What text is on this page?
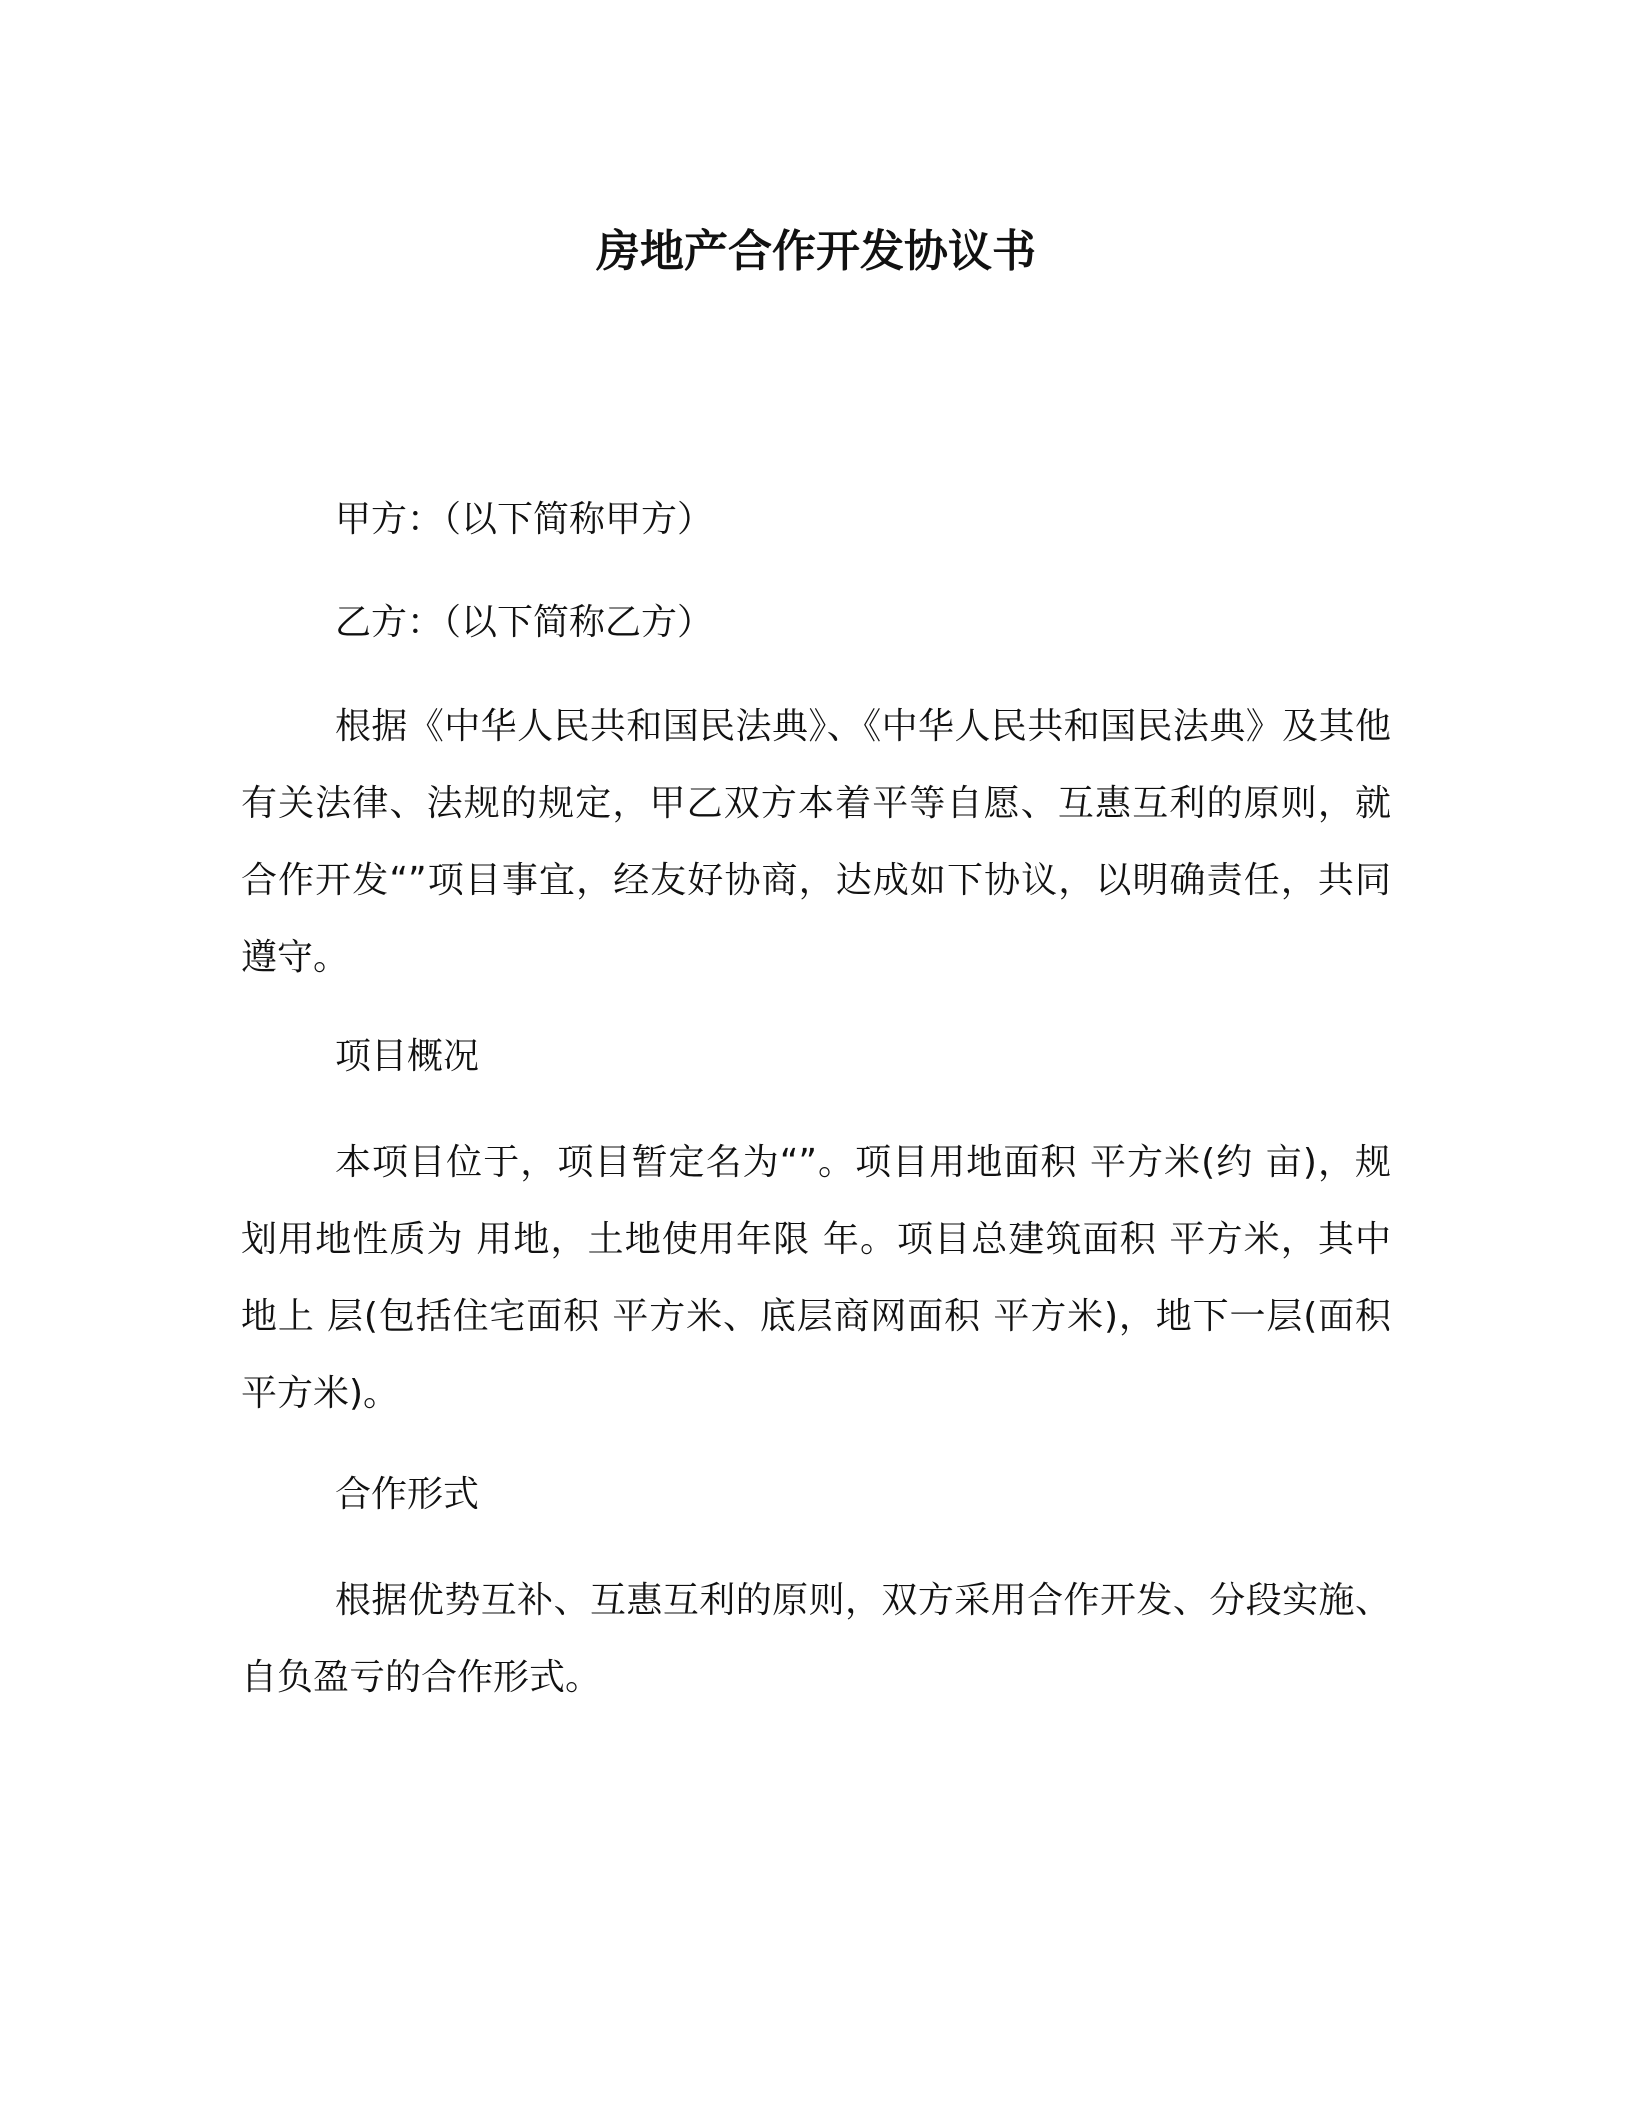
房地产合作开发协议书

甲方：（以下简称甲方）

乙方：（以下简称乙方）

根据《中华人民共和国民法典》、《中华人民共和国民法典》及其他有关法律、法规的规定，甲乙双方本着平等自愿、互惠互利的原则，就合作开发“”项目事宜，经友好协商，达成如下协议，以明确责任，共同遵守。

项目概况

本项目位于，项目暂定名为“”。项目用地面积 平方米(约 亩)，规划用地性质为 用地，土地使用年限 年。项目总建筑面积 平方米，其中地上 层(包括住宅面积 平方米、底层商网面积 平方米)，地下一层(面积 平方米)。

合作形式

根据优势互补、互惠互利的原则，双方采用合作开发、分段实施、自负盈亏的合作形式。
